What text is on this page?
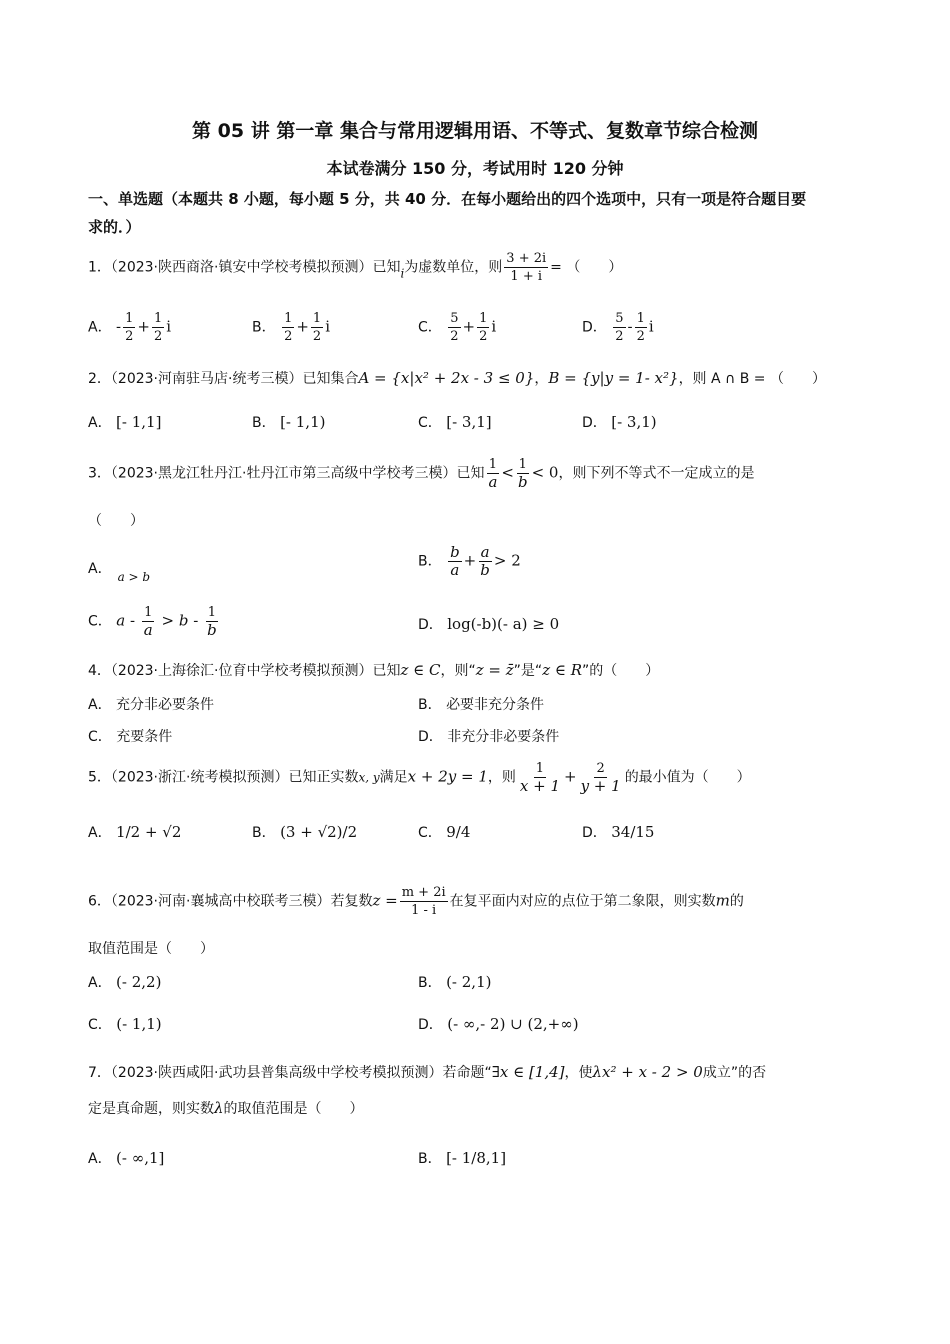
第 05 讲 第一章 集合与常用逻辑用语、不等式、复数章节综合检测
本试卷满分 150 分，考试用时 120 分钟
一、单选题（本题共 8 小题，每小题 5 分，共 40 分．在每小题给出的四个选项中，只有一项是符合题目要
求的．）
1．（2023·陕西商洛·镇安中学校考模拟预测）已知i为虚数单位，则 $\frac{3 + 2i}{1 + i}$ = （　　）
A． - $\frac{1}{2} + \frac{1}{2}$ i	B． $\frac{1}{2} + \frac{1}{2}$ i	C． $\frac{5}{2} + \frac{1}{2}$ i	D． $\frac{5}{2} - \frac{1}{2}$ i
2．（2023·河南驻马店·统考三模）已知集合A = {x|x² + 2x - 3 ≤ 0}，B = {y|y = 1- x²}，则 A ∩ B = （　　）
A． [- 1,1]	B． [- 1,1)	C． [- 3,1]	D． [- 3,1)
3．（2023·黑龙江牡丹江·牡丹江市第三高级中学校考三模）已知 $\frac{1}{a} < \frac{1}{b} < 0$，则下列不等式不一定成立的是
（　　）
A． a > b
B． $\frac{b}{a} + \frac{a}{b} > 2$
C． $a - \frac{1}{a} > b - \frac{1}{b}$	D． log(-b)(- a) ≥ 0
4．（2023·上海徐汇·位育中学校考模拟预测）已知z ∈ C，则“z = z̄”是“z ∈ R”的（　　）
A． 充分非必要条件	B． 必要非充分条件
C． 充要条件	D． 非充分非必要条件
5．（2023·浙江·统考模拟预测）已知正实数x, y满足x + 2y = 1，则 $\frac{1}{x + 1} + \frac{2}{y + 1}$ 的最小值为（　　）
A． 1/2 + √2	B． (3 + √2)/2	C． 9/4	D． 34/15
6．（2023·河南·襄城高中校联考三模）若复数$z = \frac{m + 2i}{1 - i}$ 在复平面内对应的点位于第二象限，则实数m的
取值范围是（　　）
A． (- 2,2)	B． (- 2,1)
C． (- 1,1)	D． (- ∞,- 2) ∪ (2,+∞)
7．（2023·陕西咸阳·武功县普集高级中学校考模拟预测）若命题“∃x ∈ [1,4]，使λx² + x - 2 > 0成立”的否
定是真命题，则实数λ的取值范围是（　　）
A． (- ∞,1]	B． [- 1/8,1]
